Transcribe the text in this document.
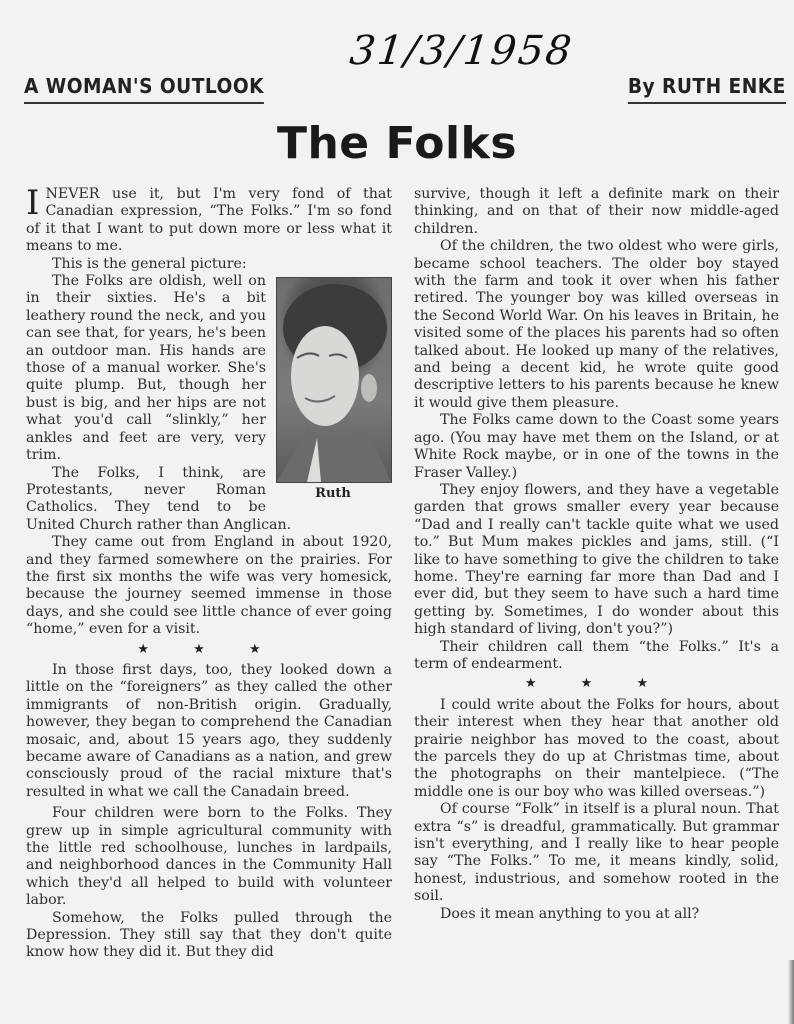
A WOMAN'S OUTLOOK
31/3/1958
By RUTH ENKE
The Folks

I NEVER use it, but I'm very fond of that Canadian expression, “The Folks.” I'm so fond of it that I want to put down more or less what it means to me.

This is the general picture:

Ruth
The Folks are oldish, well on in their sixties. He's a bit leathery round the neck, and you can see that, for years, he's been an outdoor man. His hands are those of a manual worker. She's quite plump. But, though her bust is big, and her hips are not what you'd call “slinkly,” her ankles and feet are very, very trim.

The Folks, I think, are Protestants, never Roman Catholics. They tend to be United Church rather than Anglican.

They came out from England in about 1920, and they farmed somewhere on the prairies. For the first six months the wife was very homesick, because the journey seemed immense in those days, and she could see little chance of ever going “home,” even for a visit.

★ ★ ★

In those first days, too, they looked down a little on the “foreigners” as they called the other immigrants of non-British origin. Gradually, however, they began to comprehend the Canadian mosaic, and, about 15 years ago, they suddenly became aware of Canadians as a nation, and grew consciously proud of the racial mixture that's resulted in what we call the Canadain breed.

Four children were born to the Folks. They grew up in simple agricultural community with the little red schoolhouse, lunches in lardpails, and neighborhood dances in the Community Hall which they'd all helped to build with volunteer labor.

Somehow, the Folks pulled through the Depression. They still say that they don't quite know how they did it. But they did

survive, though it left a definite mark on their thinking, and on that of their now middle-aged children.

Of the children, the two oldest who were girls, became school teachers. The older boy stayed with the farm and took it over when his father retired. The younger boy was killed overseas in the Second World War. On his leaves in Britain, he visited some of the places his parents had so often talked about. He looked up many of the relatives, and being a decent kid, he wrote quite good descriptive letters to his parents because he knew it would give them pleasure.

The Folks came down to the Coast some years ago. (You may have met them on the Island, or at White Rock maybe, or in one of the towns in the Fraser Valley.)

They enjoy flowers, and they have a vegetable garden that grows smaller every year because “Dad and I really can't tackle quite what we used to.” But Mum makes pickles and jams, still. (“I like to have something to give the children to take home. They're earning far more than Dad and I ever did, but they seem to have such a hard time getting by. Sometimes, I do wonder about this high standard of living, don't you?”)

Their children call them “the Folks.” It's a term of endearment.

★ ★ ★

I could write about the Folks for hours, about their interest when they hear that another old prairie neighbor has moved to the coast, about the parcels they do up at Christmas time, about the photographs on their mantelpiece. (“The middle one is our boy who was killed overseas.”)

Of course “Folk” in itself is a plural noun. That extra “s” is dreadful, grammatically. But grammar isn't everything, and I really like to hear people say “The Folks.” To me, it means kindly, solid, honest, industrious, and somehow rooted in the soil.

Does it mean anything to you at all?
